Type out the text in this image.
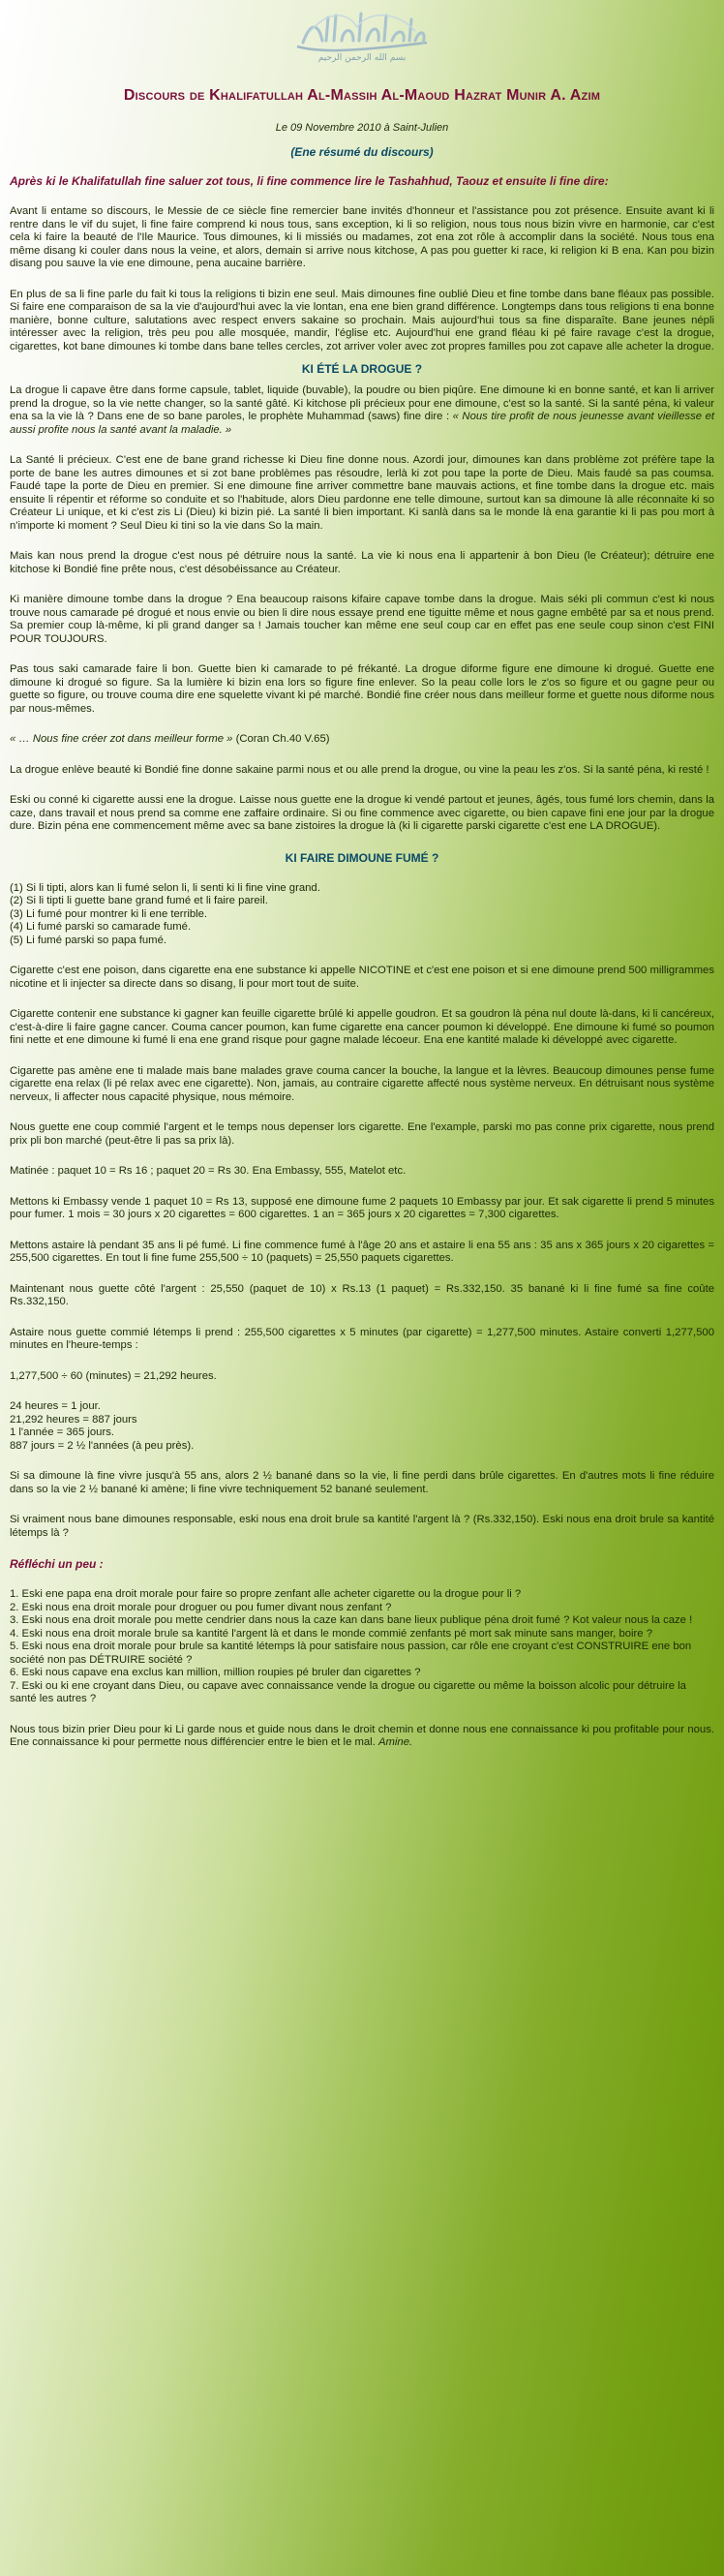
بسم الله الرحمن الرحيم
Discours de Khalifatullah Al-Massih Al-Maoud Hazrat Munir A. Azim
Le 09 Novembre 2010 à Saint-Julien
(Ene résumé du discours)
Après ki le Khalifatullah fine saluer zot tous, li fine commence lire le Tashahhud, Taouz et ensuite li fine dire:

Avant li entame so discours, le Messie de ce siècle fine remercier bane invités d'honneur et l'assistance pou zot présence. Ensuite avant ki li rentre dans le vif du sujet, li fine faire comprend ki nous tous, sans exception, ki li so religion, nous tous nous bizin vivre en harmonie, car c'est cela ki faire la beauté de l'Ile Maurice. Tous dimounes, ki li missiés ou madames, zot ena zot rôle à accomplir dans la société. Nous tous ena même disang ki couler dans nous la veine, et alors, demain si arrive nous kitchose, A pas pou guetter ki race, ki religion ki B ena. Kan pou bizin disang pou sauve la vie ene dimoune, pena aucaine barrière.

En plus de sa li fine parle du fait ki tous la religions ti bizin ene seul. Mais dimounes fine oublié Dieu et fine tombe dans bane fléaux pas possible. Si faire ene comparaison de sa la vie d'aujourd'hui avec la vie lontan, ena ene bien grand différence. Longtemps dans tous religions ti ena bonne manière, bonne culture, salutations avec respect envers sakaine so prochain. Mais aujourd'hui tous sa fine disparaîte. Bane jeunes népli intéresser avec la religion, très peu pou alle mosquée, mandir, l'église etc. Aujourd'hui ene grand fléau ki pé faire ravage c'est la drogue, cigarettes, kot bane dimounes ki tombe dans bane telles cercles, zot arriver voler avec zot propres familles pou zot capave alle acheter la drogue.

KI ÉTÉ LA DROGUE ?

La drogue li capave être dans forme capsule, tablet, liquide (buvable), la poudre ou bien piqûre. Ene dimoune ki en bonne santé, et kan li arriver prend la drogue, so la vie nette changer, so la santé gâté. Ki kitchose pli précieux pour ene dimoune, c'est so la santé. Si la santé péna, ki valeur ena sa la vie là ? Dans ene de so bane paroles, le prophète Muhammad (saws) fine dire : « Nous tire profit de nous jeunesse avant vieillesse et aussi profite nous la santé avant la maladie. »

La Santé li précieux. C'est ene de bane grand richesse ki Dieu fine donne nous. Azordi jour, dimounes kan dans problème zot préfère tape la porte de bane les autres dimounes et si zot bane problèmes pas résoudre, lerlà ki zot pou tape la porte de Dieu. Mais faudé sa pas coumsa. Faudé tape la porte de Dieu en premier. Si ene dimoune fine arriver commettre bane mauvais actions, et fine tombe dans la drogue etc. mais ensuite li répentir et réforme so conduite et so l'habitude, alors Dieu pardonne ene telle dimoune, surtout kan sa dimoune là alle réconnaite ki so Créateur Li unique, et ki c'est zis Li (Dieu) ki bizin pié. La santé li bien important. Ki sanlà dans sa le monde là ena garantie ki li pas pou mort à n'importe ki moment ? Seul Dieu ki tini so la vie dans So la main.

Mais kan nous prend la drogue c'est nous pé détruire nous la santé. La vie ki nous ena li appartenir à bon Dieu (le Créateur); détruire ene kitchose ki Bondié fine prête nous, c'est désobéissance au Créateur.

Ki manière dimoune tombe dans la drogue ? Ena beaucoup raisons kifaire capave tombe dans la drogue. Mais séki pli commun c'est ki nous trouve nous camarade pé drogué et nous envie ou bien li dire nous essaye prend ene tiguitte même et nous gagne embêté par sa et nous prend. Sa premier coup là-même, ki pli grand danger sa ! Jamais toucher kan même ene seul coup car en effet pas ene seule coup sinon c'est FINI POUR TOUJOURS.

Pas tous saki camarade faire li bon. Guette bien ki camarade to pé frékanté. La drogue diforme figure ene dimoune ki drogué. Guette ene dimoune ki drogué so figure. Sa la lumière ki bizin ena lors so figure fine enlever. So la peau colle lors le z'os so figure et ou gagne peur ou guette so figure, ou trouve couma dire ene squelette vivant ki pé marché. Bondié fine créer nous dans meilleur forme et guette nous diforme nous par nous-mêmes.

« … Nous fine créer zot dans meilleur forme » (Coran Ch.40 V.65)

La drogue enlève beauté ki Bondié fine donne sakaine parmi nous et ou alle prend la drogue, ou vine la peau les z'os. Si la santé péna, ki resté !

Eski ou conné ki cigarette aussi ene la drogue. Laisse nous guette ene la drogue ki vendé partout et jeunes, âgés, tous fumé lors chemin, dans la caze, dans travail et nous prend sa comme ene zaffaire ordinaire. Si ou fine commence avec cigarette, ou bien capave fini ene jour par la drogue dure. Bizin péna ene commencement même avec sa bane zistoires la drogue là (ki li cigarette parski cigarette c'est ene LA DROGUE).

KI FAIRE DIMOUNE FUMÉ ?

(1) Si li tipti, alors kan li fumé selon li, li senti ki li fine vine grand.

(2) Si li tipti li guette bane grand fumé et li faire pareil.

(3) Li fumé pour montrer ki li ene terrible.

(4) Li fumé parski so camarade fumé.

(5) Li fumé parski so papa fumé.

Cigarette c'est ene poison, dans cigarette ena ene substance ki appelle NICOTINE et c'est ene poison et si ene dimoune prend 500 milligrammes nicotine et li injecter sa directe dans so disang, li pour mort tout de suite.

Cigarette contenir ene substance ki gagner kan feuille cigarette brûlé ki appelle goudron. Et sa goudron là péna nul doute là-dans, ki li cancéreux, c'est-à-dire li faire gagne cancer. Couma cancer poumon, kan fume cigarette ena cancer poumon ki développé. Ene dimoune ki fumé so poumon fini nette et ene dimoune ki fumé li ena ene grand risque pour gagne malade lécoeur. Ena ene kantité malade ki développé avec cigarette.

Cigarette pas amène ene ti malade mais bane malades grave couma cancer la bouche, la langue et la lèvres. Beaucoup dimounes pense fume cigarette ena relax (li pé relax avec ene cigarette). Non, jamais, au contraire cigarette affecté nous système nerveux. En détruisant nous système nerveux, li affecter nous capacité physique, nous mémoire.

Nous guette ene coup commié l'argent et le temps nous depenser lors cigarette. Ene l'example, parski mo pas conne prix cigarette, nous prend prix pli bon marché (peut-être li pas sa prix là).

Matinée : paquet 10 = Rs 16 ; paquet 20 = Rs 30. Ena Embassy, 555, Matelot etc.

Mettons ki Embassy vende 1 paquet 10 = Rs 13, supposé ene dimoune fume 2 paquets 10 Embassy par jour. Et sak cigarette li prend 5 minutes pour fumer. 1 mois = 30 jours x 20 cigarettes = 600 cigarettes. 1 an = 365 jours x 20 cigarettes = 7,300 cigarettes.

Mettons astaire là pendant 35 ans li pé fumé. Li fine commence fumé à l'âge 20 ans et astaire li ena 55 ans : 35 ans x 365 jours x 20 cigarettes = 255,500 cigarettes. En tout li fine fume 255,500 ÷ 10 (paquets) = 25,550 paquets cigarettes.

Maintenant nous guette côté l'argent : 25,550 (paquet de 10) x Rs.13 (1 paquet) = Rs.332,150. 35 banané ki li fine fumé sa fine coûte Rs.332,150.

Astaire nous guette commié létemps li prend : 255,500 cigarettes x 5 minutes (par cigarette) = 1,277,500 minutes. Astaire converti 1,277,500 minutes en l'heure-temps :

1,277,500 ÷ 60 (minutes) = 21,292 heures.

24 heures = 1 jour.

21,292 heures = 887 jours

1 l'année = 365 jours.

887 jours = 2 ½ l'années (à peu près).

Si sa dimoune là fine vivre jusqu'à 55 ans, alors 2 ½ banané dans so la vie, li fine perdi dans brûle cigarettes. En d'autres mots li fine réduire dans so la vie 2 ½ banané ki amène; li fine vivre techniquement 52 banané seulement.

Si vraiment nous bane dimounes responsable, eski nous ena droit brule sa kantité l'argent là ? (Rs.332,150). Eski nous ena droit brule sa kantité létemps là ?

Réfléchi un peu :

1. Eski ene papa ena droit morale pour faire so propre zenfant alle acheter cigarette ou la drogue pour li ?

2. Eski nous ena droit morale pour droguer ou pou fumer divant nous zenfant ?

3. Eski nous ena droit morale pou mette cendrier dans nous la caze kan dans bane lieux publique péna droit fumé ? Kot valeur nous la caze !

4. Eski nous ena droit morale brule sa kantité l'argent là et dans le monde commié zenfants pé mort sak minute sans manger, boire ?

5. Eski nous ena droit morale pour brule sa kantité létemps là pour satisfaire nous passion, car rôle ene croyant c'est CONSTRUIRE ene bon société non pas DÉTRUIRE société ?

6. Eski nous capave ena exclus kan million, million roupies pé bruler dan cigarettes ?

7. Eski ou ki ene croyant dans Dieu, ou capave avec connaissance vende la drogue ou cigarette ou même la boisson alcolic pour détruire la santé les autres ?

Nous tous bizin prier Dieu pour ki Li garde nous et guide nous dans le droit chemin et donne nous ene connaissance ki pou profitable pour nous. Ene connaissance ki pour permette nous différencier entre le bien et le mal. Amine.
